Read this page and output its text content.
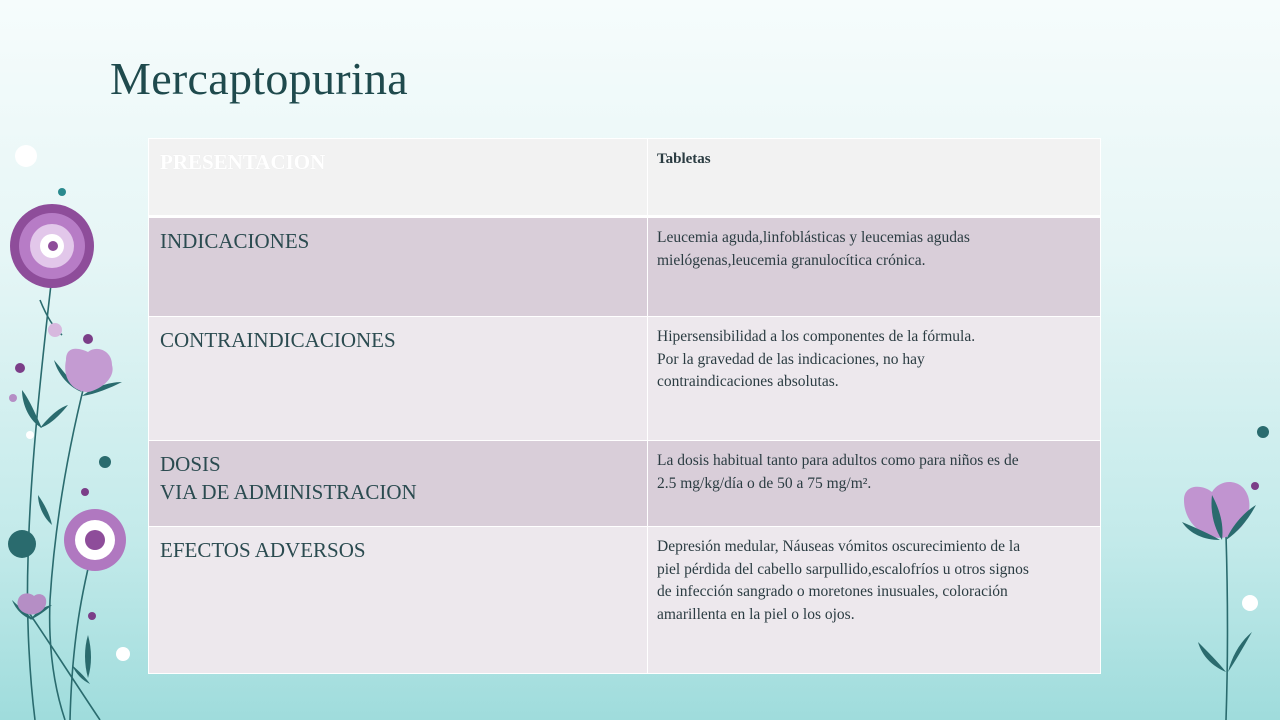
Mercaptopurina
PRESENTACION	Tabletas

INDICACIONES	Leucemia aguda,linfoblásticas y leucemias agudas
mielógenas,leucemia granulocítica crónica.

CONTRAINDICACIONES	Hipersensibilidad a los componentes de la fórmula.
Por la gravedad de las indicaciones, no hay
contraindicaciones absolutas.

DOSIS
VIA DE ADMINISTRACION	La dosis habitual tanto para adultos como para niños es de
2.5 mg/kg/día o de 50 a 75 mg/m².

EFECTOS ADVERSOS	Depresión medular, Náuseas vómitos oscurecimiento de la
piel pérdida del cabello sarpullido,escalofríos u otros signos
de infección sangrado o moretones inusuales, coloración
amarillenta en la piel o los ojos.
